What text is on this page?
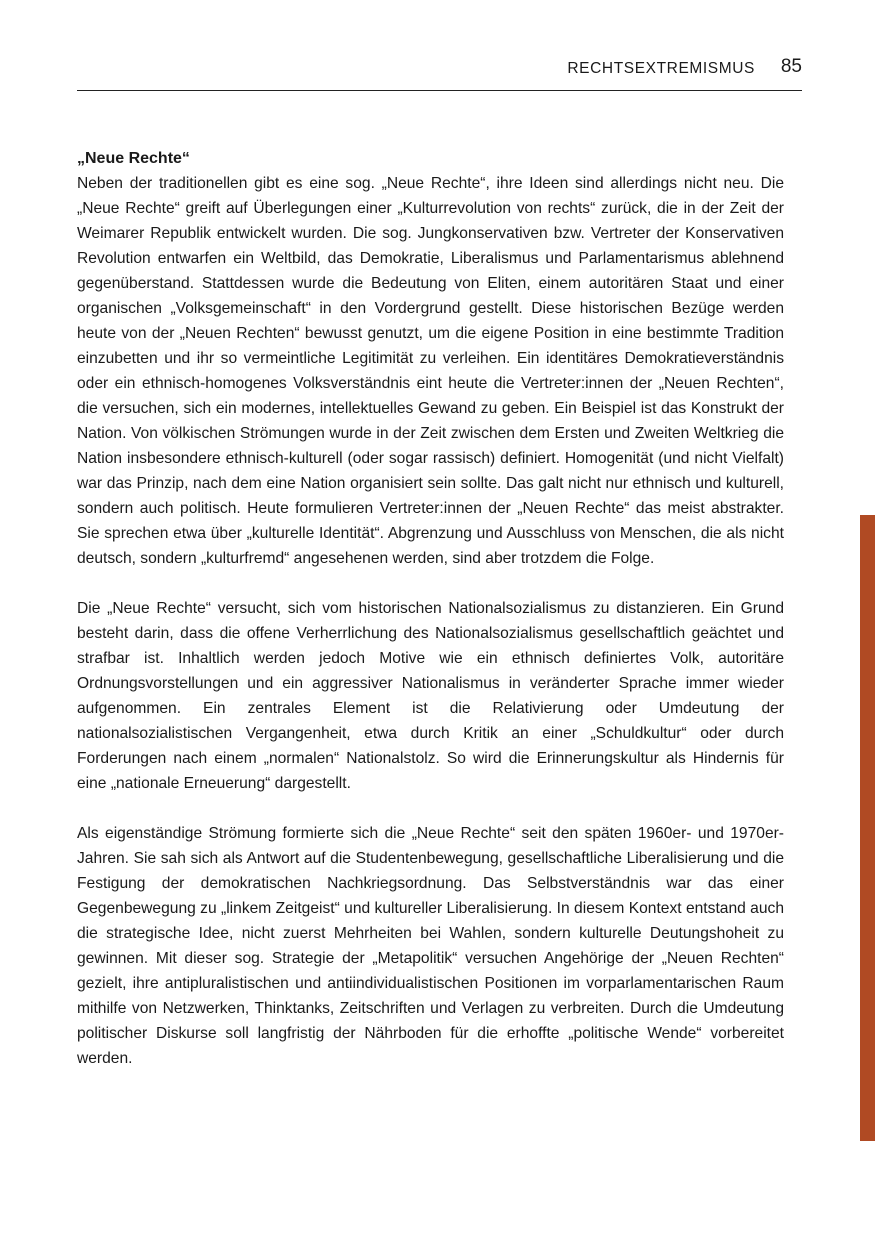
RECHTSEXTREMISMUS 85
„Neue Rechte“

Neben der traditionellen gibt es eine sog. „Neue Rechte“, ihre Ideen sind allerdings nicht neu. Die „Neue Rechte“ greift auf Überlegungen einer „Kulturrevolution von rechts“ zurück, die in der Zeit der Weimarer Republik entwickelt wurden. Die sog. Jungkonservativen bzw. Vertreter der Konservativen Revolution entwarfen ein Weltbild, das Demokratie, Liberalismus und Parlamentarismus ablehnend gegenüberstand. Stattdessen wurde die Bedeutung von Eliten, einem autoritären Staat und einer organischen „Volksgemeinschaft“ in den Vordergrund gestellt. Diese historischen Bezüge werden heute von der „Neuen Rechten“ bewusst genutzt, um die eigene Position in eine bestimmte Tradition einzubetten und ihr so vermeintliche Legitimität zu verleihen. Ein identitäres Demokratieverständnis oder ein ethnisch-homogenes Volksverständnis eint heute die Vertreter:innen der „Neuen Rechten“, die versuchen, sich ein modernes, intellektuelles Gewand zu geben. Ein Beispiel ist das Konstrukt der Nation. Von völkischen Strömungen wurde in der Zeit zwischen dem Ersten und Zweiten Weltkrieg die Nation insbesondere ethnisch-kulturell (oder sogar rassisch) definiert. Homogenität (und nicht Vielfalt) war das Prinzip, nach dem eine Nation organisiert sein sollte. Das galt nicht nur ethnisch und kulturell, sondern auch politisch. Heute formulieren Vertreter:innen der „Neuen Rechte“ das meist abstrakter. Sie sprechen etwa über „kulturelle Identität“. Abgrenzung und Ausschluss von Menschen, die als nicht deutsch, sondern „kulturfremd“ angesehenen werden, sind aber trotzdem die Folge.

Die „Neue Rechte“ versucht, sich vom historischen Nationalsozialismus zu distanzieren. Ein Grund besteht darin, dass die offene Verherrlichung des Nationalsozialismus gesellschaftlich geächtet und strafbar ist. Inhaltlich werden jedoch Motive wie ein ethnisch definiertes Volk, autoritäre Ordnungsvorstellungen und ein aggressiver Nationalismus in veränderter Sprache immer wieder aufgenommen. Ein zentrales Element ist die Relativierung oder Umdeutung der nationalsozialistischen Vergangenheit, etwa durch Kritik an einer „Schuldkultur“ oder durch Forderungen nach einem „normalen“ Nationalstolz. So wird die Erinnerungskultur als Hindernis für eine „nationale Erneuerung“ dargestellt.

Als eigenständige Strömung formierte sich die „Neue Rechte“ seit den späten 1960er- und 1970er-Jahren. Sie sah sich als Antwort auf die Studentenbewegung, gesellschaftliche Liberalisierung und die Festigung der demokratischen Nachkriegsordnung. Das Selbstverständnis war das einer Gegenbewegung zu „linkem Zeitgeist“ und kultureller Liberalisierung. In diesem Kontext entstand auch die strategische Idee, nicht zuerst Mehrheiten bei Wahlen, sondern kulturelle Deutungshoheit zu gewinnen. Mit dieser sog. Strategie der „Metapolitik“ versuchen Angehörige der „Neuen Rechten“ gezielt, ihre antipluralistischen und antiindividualistischen Positionen im vorparlamentarischen Raum mithilfe von Netzwerken, Thinktanks, Zeitschriften und Verlagen zu verbreiten. Durch die Umdeutung politischer Diskurse soll langfristig der Nährboden für die erhoffte „politische Wende“ vorbereitet werden.
